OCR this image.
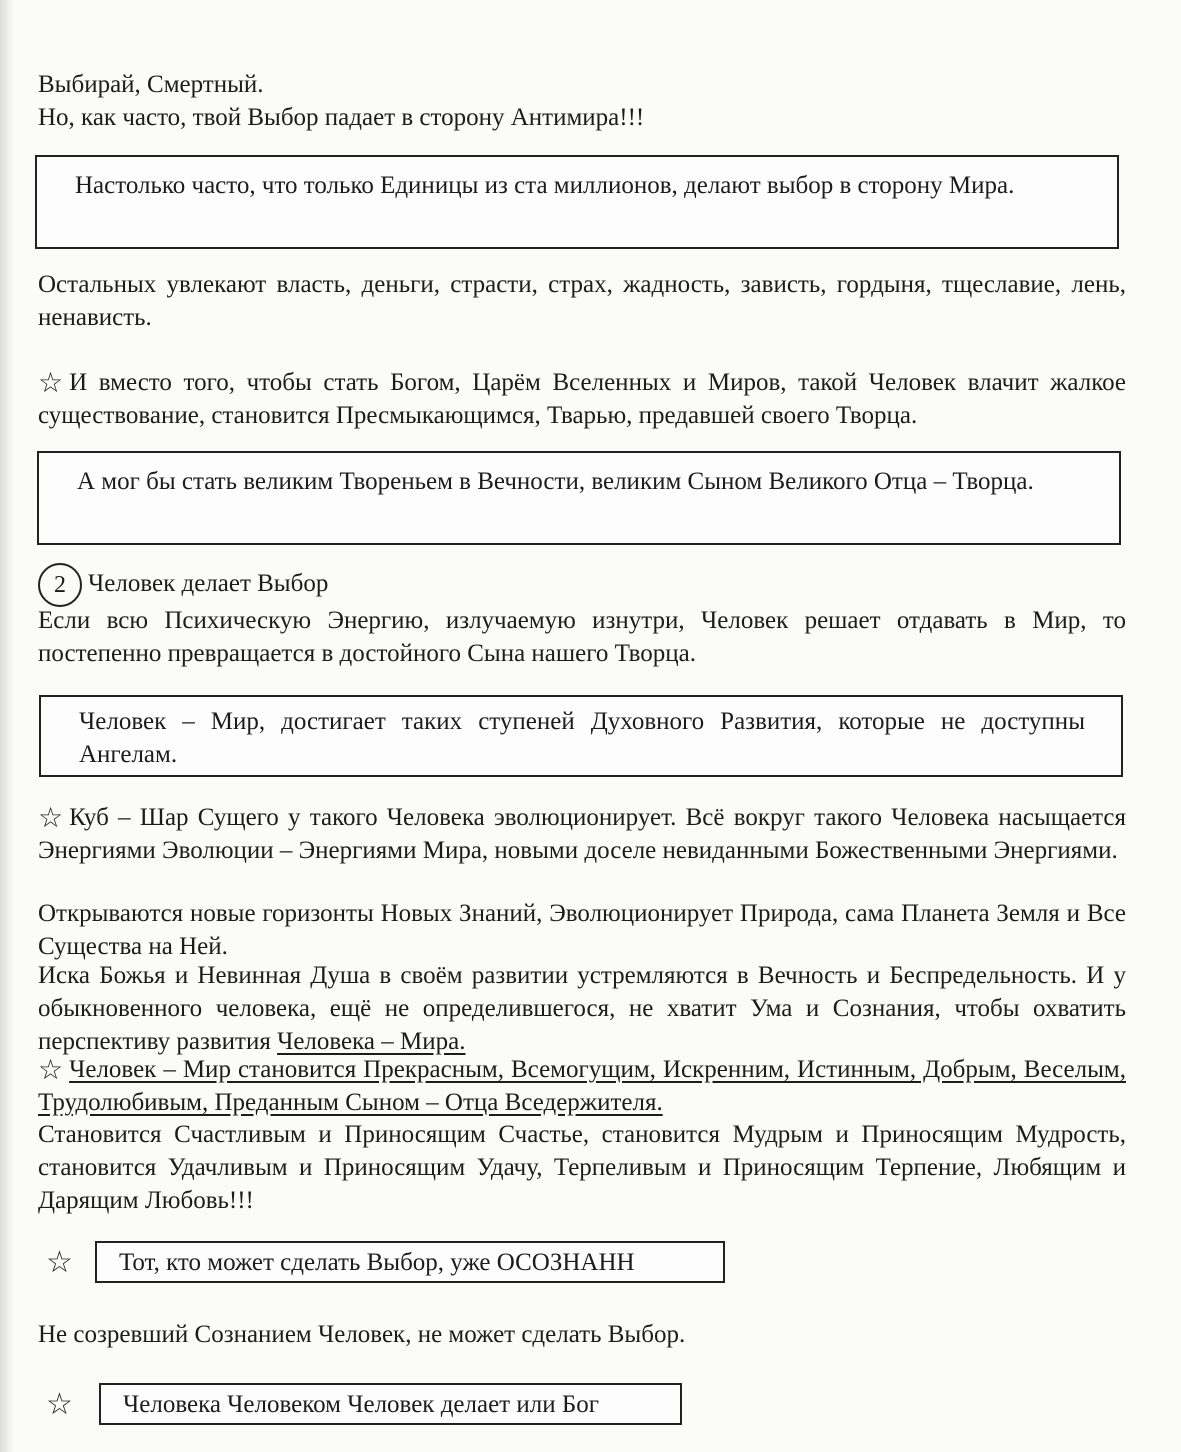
Выбирай, Смертный.

Но, как часто, твой Выбор падает в сторону Антимира!!!

Настолько часто, что только Единицы из ста миллионов, делают выбор в сторону Мира.

Остальных увлекают власть, деньги, страсти, страх, жадность, зависть, гордыня, тщеславие, лень, ненависть.

☆ И вместо того, чтобы стать Богом, Царём Вселенных и Миров, такой Человек влачит жалкое существование, становится Пресмыкающимся, Тварью, предавшей своего Творца.

А мог бы стать великим Твореньем в Вечности, великим Сыном Великого Отца – Творца.
2 Человек делает Выбор

Если всю Психическую Энергию, излучаемую изнутри, Человек решает отдавать в Мир, то постепенно превращается в достойного Сына нашего Творца.

Человек – Мир, достигает таких ступеней Духовного Развития, которые не доступны Ангелам.

☆ Куб – Шар Сущего у такого Человека эволюционирует. Всё вокруг такого Человека насыщается Энергиями Эволюции – Энергиями Мира, новыми доселе невиданными Божественными Энергиями.

Открываются новые горизонты Новых Знаний, Эволюционирует Природа, сама Планета Земля и Все Существа на Ней.

Иска Божья и Невинная Душа в своём развитии устремляются в Вечность и Беспредельность. И у обыкновенного человека, ещё не определившегося, не хватит Ума и Сознания, чтобы охватить перспективу развития Человека – Мира.

☆ Человек – Мир становится Прекрасным, Всемогущим, Искренним, Истинным, Добрым, Веселым, Трудолюбивым, Преданным Сыном – Отца Вседержителя.

Становится Счастливым и Приносящим Счастье, становится Мудрым и Приносящим Мудрость, становится Удачливым и Приносящим Удачу, Терпеливым и Приносящим Терпение, Любящим и Дарящим Любовь!!!

☆	Тот, кто может сделать Выбор, уже ОСОЗНАНН

Не созревший Сознанием Человек, не может сделать Выбор.

☆	Человека Человеком Человек делает или Бог
